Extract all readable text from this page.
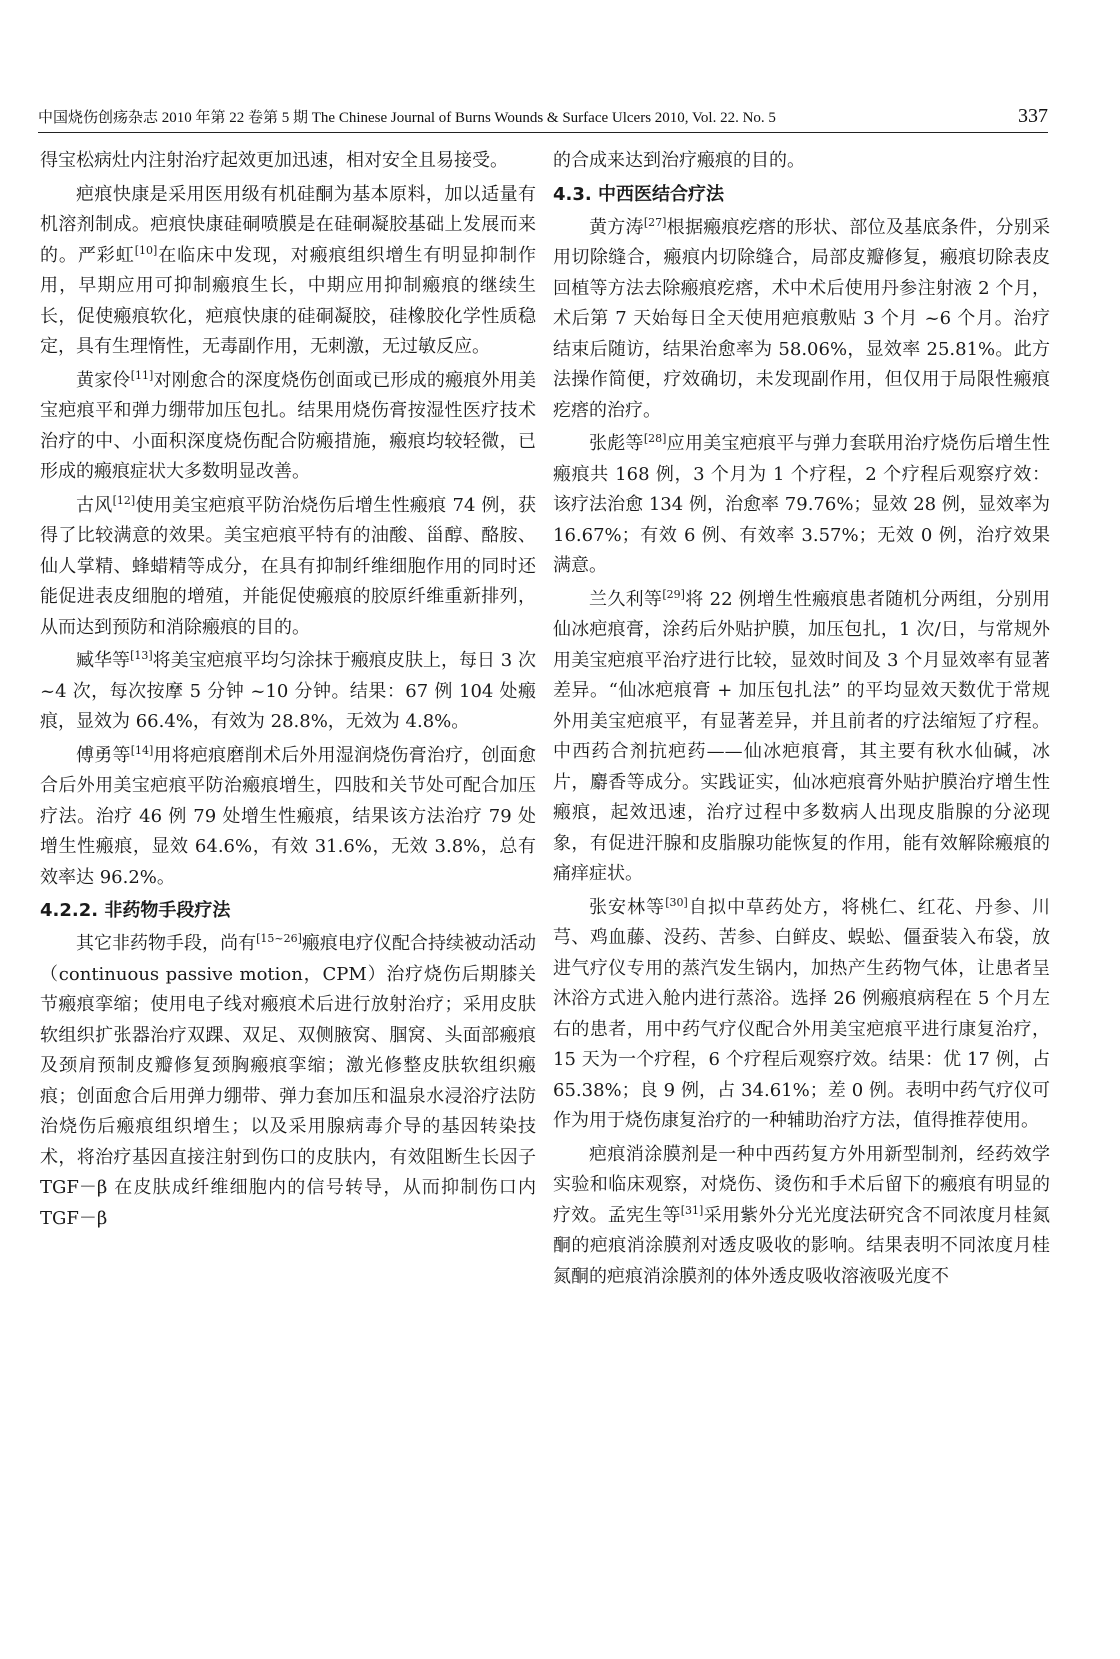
中国烧伤创疡杂志 2010 年第 22 卷第 5 期 The Chinese Journal of Burns Wounds & Surface Ulcers 2010, Vol. 22. No. 5	337

得宝松病灶内注射治疗起效更加迅速，相对安全且易接受。

疤痕快康是采用医用级有机硅酮为基本原料，加以适量有机溶剂制成。疤痕快康硅硐喷膜是在硅硐凝胶基础上发展而来的。严彩虹[10]在临床中发现，对瘢痕组织增生有明显抑制作用，早期应用可抑制瘢痕生长，中期应用抑制瘢痕的继续生长，促使瘢痕软化，疤痕快康的硅硐凝胶，硅橡胶化学性质稳定，具有生理惰性，无毒副作用，无刺激，无过敏反应。

黄家伶[11]对刚愈合的深度烧伤创面或已形成的瘢痕外用美宝疤痕平和弹力绷带加压包扎。结果用烧伤膏按湿性医疗技术治疗的中、小面积深度烧伤配合防瘢措施，瘢痕均较轻微，已形成的瘢痕症状大多数明显改善。

古风[12]使用美宝疤痕平防治烧伤后增生性瘢痕 74 例，获得了比较满意的效果。美宝疤痕平特有的油酸、甾醇、酪胺、仙人掌精、蜂蜡精等成分，在具有抑制纤维细胞作用的同时还能促进表皮细胞的增殖，并能促使瘢痕的胶原纤维重新排列，从而达到预防和消除瘢痕的目的。

臧华等[13]将美宝疤痕平均匀涂抹于瘢痕皮肤上，每日 3 次 ~4 次，每次按摩 5 分钟 ~10 分钟。结果：67 例 104 处瘢痕，显效为 66.4%，有效为 28.8%，无效为 4.8%。

傅勇等[14]用将疤痕磨削术后外用湿润烧伤膏治疗，创面愈合后外用美宝疤痕平防治瘢痕增生，四肢和关节处可配合加压疗法。治疗 46 例 79 处增生性瘢痕，结果该方法治疗 79 处增生性瘢痕，显效 64.6%，有效 31.6%，无效 3.8%，总有效率达 96.2%。

4.2.2. 非药物手段疗法

其它非药物手段，尚有[15~26]瘢痕电疗仪配合持续被动活动（continuous passive motion，CPM）治疗烧伤后期膝关节瘢痕挛缩；使用电子线对瘢痕术后进行放射治疗；采用皮肤软组织扩张器治疗双踝、双足、双侧腋窝、腘窝、头面部瘢痕及颈肩预制皮瓣修复颈胸瘢痕挛缩；激光修整皮肤软组织瘢痕；创面愈合后用弹力绷带、弹力套加压和温泉水浸浴疗法防治烧伤后瘢痕组织增生；以及采用腺病毒介导的基因转染技术，将治疗基因直接注射到伤口的皮肤内，有效阻断生长因子 TGF－β 在皮肤成纤维细胞内的信号转导，从而抑制伤口内 TGF－β

的合成来达到治疗瘢痕的目的。

4.3. 中西医结合疗法

黄方涛[27]根据瘢痕疙瘩的形状、部位及基底条件，分别采用切除缝合，瘢痕内切除缝合，局部皮瓣修复，瘢痕切除表皮回植等方法去除瘢痕疙瘩，术中术后使用丹参注射液 2 个月，术后第 7 天始每日全天使用疤痕敷贴 3 个月 ~6 个月。治疗结束后随访，结果治愈率为 58.06%，显效率 25.81%。此方法操作简便，疗效确切，未发现副作用，但仅用于局限性瘢痕疙瘩的治疗。

张彪等[28]应用美宝疤痕平与弹力套联用治疗烧伤后增生性瘢痕共 168 例，3 个月为 1 个疗程，2 个疗程后观察疗效：该疗法治愈 134 例，治愈率 79.76%；显效 28 例，显效率为 16.67%；有效 6 例、有效率 3.57%；无效 0 例，治疗效果满意。

兰久利等[29]将 22 例增生性瘢痕患者随机分两组，分别用仙冰疤痕膏，涂药后外贴护膜，加压包扎，1 次/日，与常规外用美宝疤痕平治疗进行比较，显效时间及 3 个月显效率有显著差异。“仙冰疤痕膏 + 加压包扎法” 的平均显效天数优于常规外用美宝疤痕平，有显著差异，并且前者的疗法缩短了疗程。中西药合剂抗疤药——仙冰疤痕膏，其主要有秋水仙碱，冰片，麝香等成分。实践证实，仙冰疤痕膏外贴护膜治疗增生性瘢痕，起效迅速，治疗过程中多数病人出现皮脂腺的分泌现象，有促进汗腺和皮脂腺功能恢复的作用，能有效解除瘢痕的痛痒症状。

张安林等[30]自拟中草药处方，将桃仁、红花、丹参、川芎、鸡血藤、没药、苦参、白鲜皮、蜈蚣、僵蚕装入布袋，放进气疗仪专用的蒸汽发生锅内，加热产生药物气体，让患者呈沐浴方式进入舱内进行蒸浴。选择 26 例瘢痕病程在 5 个月左右的患者，用中药气疗仪配合外用美宝疤痕平进行康复治疗，15 天为一个疗程，6 个疗程后观察疗效。结果：优 17 例，占 65.38%；良 9 例，占 34.61%；差 0 例。表明中药气疗仪可作为用于烧伤康复治疗的一种辅助治疗方法，值得推荐使用。

疤痕消涂膜剂是一种中西药复方外用新型制剂，经药效学实验和临床观察，对烧伤、烫伤和手术后留下的瘢痕有明显的疗效。孟宪生等[31]采用紫外分光光度法研究含不同浓度月桂氮酮的疤痕消涂膜剂对透皮吸收的影响。结果表明不同浓度月桂氮酮的疤痕消涂膜剂的体外透皮吸收溶液吸光度不
